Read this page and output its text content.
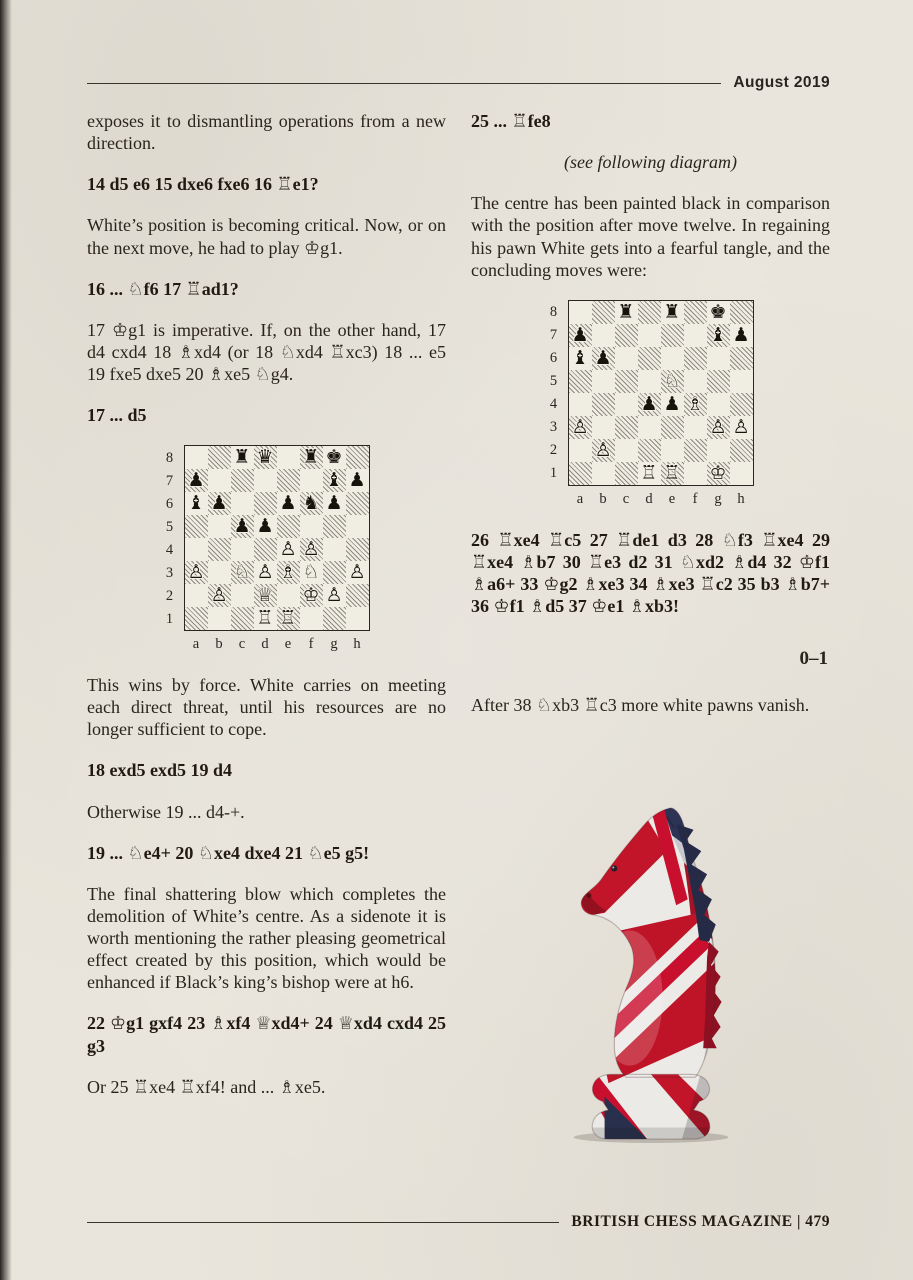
August 2019

exposes it to dismantling operations from a new direction.

14 d5 e6 15 dxe6 fxe6 16 ♖e1?

White’s position is becoming critical. Now, or on the next move, he had to play ♔g1.

16 ... ♘f6 17 ♖ad1?

17 ♔g1 is imperative. If, on the other hand, 17 d4 cxd4 18 ♗xd4 (or 18 ♘xd4 ♖xc3) 18 ... e5 19 fxe5 dxe5 20 ♗xe5 ♘g4.

17 ... d5

8
7
6
5
4
3
2
1
♜ ♛ ♜ ♚
♟	♝ ♟
♝ ♟	♟ ♞ ♟
♟ ♟
♙ ♙
♙ ♘ ♙ ♗ ♘ ♙
♙ ♕ ♔ ♙
♖ ♖
a	b	c	d	e	f	g	h

This wins by force. White carries on meeting each direct threat, until his resources are no longer sufficient to cope.

18 exd5 exd5 19 d4

Otherwise 19 ... d4-+.

19 ... ♘e4+ 20 ♘xe4 dxe4 21 ♘e5 g5!

The final shattering blow which completes the demolition of White’s centre. As a sidenote it is worth mentioning the rather pleasing geometrical effect created by this position, which would be enhanced if Black’s king’s bishop were at h6.

22 ♔g1 gxf4 23 ♗xf4 ♕xd4+ 24 ♕xd4 cxd4 25 g3

Or 25 ♖xe4 ♖xf4! and ... ♗xe5.

25 ... ♖fe8

(see following diagram)

The centre has been painted black in comparison with the position after move twelve. In regaining his pawn White gets into a fearful tangle, and the concluding moves were:

8
7
6
5
4
3
2
1
♜ ♜ ♚
♟	♝ ♟
♝ ♟
♘
♟ ♟ ♗
♙	♙ ♙
♙
♖ ♖ ♔
a	b	c	d	e	f	g	h

26 ♖xe4 ♖c5 27 ♖de1 d3 28 ♘f3 ♖xe4 29 ♖xe4 ♗b7 30 ♖e3 d2 31 ♘xd2 ♗d4 32 ♔f1 ♗a6+ 33 ♔g2 ♗xe3 34 ♗xe3 ♖c2 35 b3 ♗b7+ 36 ♔f1 ♗d5 37 ♔e1 ♗xb3!

0–1

After 38 ♘xb3 ♖c3 more white pawns vanish.

BRITISH CHESS MAGAZINE | 479
